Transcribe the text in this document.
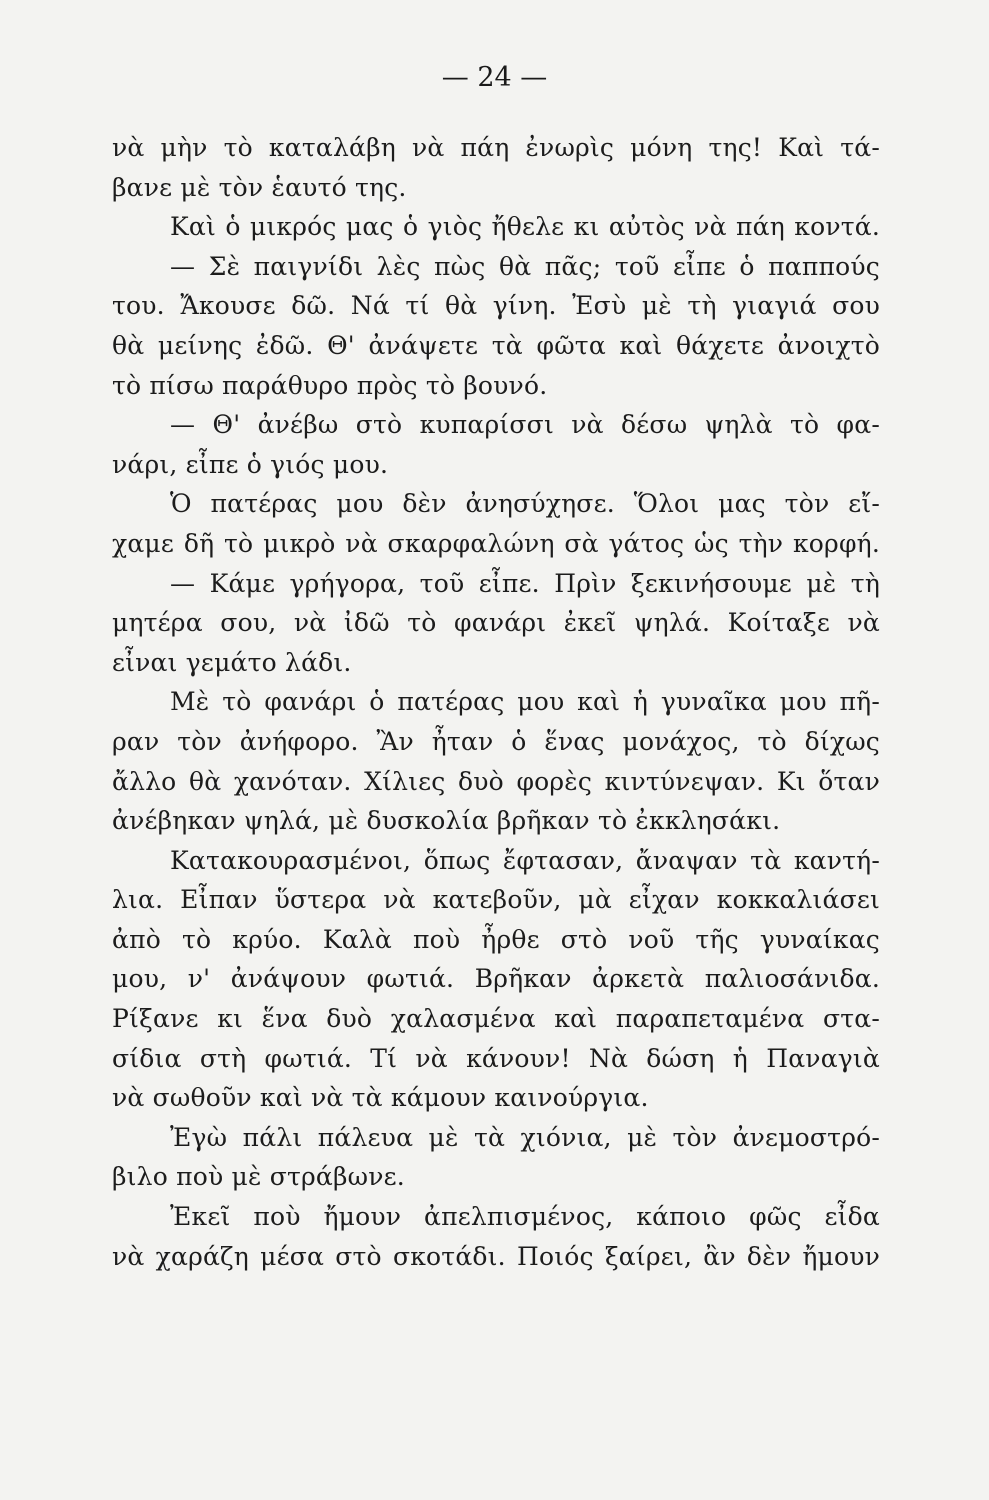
— 24 —
νὰ μὴν τὸ καταλάβη νὰ πάη ἐνωρὶς μόνη της! Καὶ τά-
βανε μὲ τὸν ἑαυτό της.
Καὶ ὁ μικρός μας ὁ γιὸς ἤθελε κι αὐτὸς νὰ πάη κοντά.
— Σὲ παιγνίδι λὲς πὼς θὰ πᾶς; τοῦ εἶπε ὁ παππούς
του. Ἄκουσε δῶ. Νά τί θὰ γίνη. Ἐσὺ μὲ τὴ γιαγιά σου
θὰ μείνης ἐδῶ. Θ' ἀνάψετε τὰ φῶτα καὶ θάχετε ἀνοιχτὸ
τὸ πίσω παράθυρο πρὸς τὸ βουνό.
— Θ' ἀνέβω στὸ κυπαρίσσι νὰ δέσω ψηλὰ τὸ φα-
νάρι, εἶπε ὁ γιός μου.
Ὁ πατέρας μου δὲν ἀνησύχησε. Ὅλοι μας τὸν εἴ-
χαμε δῆ τὸ μικρὸ νὰ σκαρφαλώνη σὰ γάτος ὡς τὴν κορφή.
— Κάμε γρήγορα, τοῦ εἶπε. Πρὶν ξεκινήσουμε μὲ τὴ
μητέρα σου, νὰ ἰδῶ τὸ φανάρι ἐκεῖ ψηλά. Κοίταξε νὰ
εἶναι γεμάτο λάδι.
Μὲ τὸ φανάρι ὁ πατέρας μου καὶ ἡ γυναῖκα μου πῆ-
ραν τὸν ἀνήφορο. Ἂν ἦταν ὁ ἕνας μονάχος, τὸ δίχως
ἄλλο θὰ χανόταν. Χίλιες δυὸ φορὲς κιντύνεψαν. Κι ὅταν
ἀνέβηκαν ψηλά, μὲ δυσκολία βρῆκαν τὸ ἐκκλησάκι.
Κατακουρασμένοι, ὅπως ἔφτασαν, ἄναψαν τὰ καντή-
λια. Εἶπαν ὕστερα νὰ κατεβοῦν, μὰ εἶχαν κοκκαλιάσει
ἀπὸ τὸ κρύο. Καλὰ ποὺ ἦρθε στὸ νοῦ τῆς γυναίκας
μου, ν' ἀνάψουν φωτιά. Βρῆκαν ἀρκετὰ παλιοσάνιδα.
Ρίξανε κι ἕνα δυὸ χαλασμένα καὶ παραπεταμένα στα-
σίδια στὴ φωτιά. Τί νὰ κάνουν! Νὰ δώση ἡ Παναγιὰ
νὰ σωθοῦν καὶ νὰ τὰ κάμουν καινούργια.
Ἐγὼ πάλι πάλευα μὲ τὰ χιόνια, μὲ τὸν ἀνεμοστρό-
βιλο ποὺ μὲ στράβωνε.
Ἐκεῖ ποὺ ἤμουν ἀπελπισμένος, κάποιο φῶς εἶδα
νὰ χαράζη μέσα στὸ σκοτάδι. Ποιός ξαίρει, ἂν δὲν ἤμουν
